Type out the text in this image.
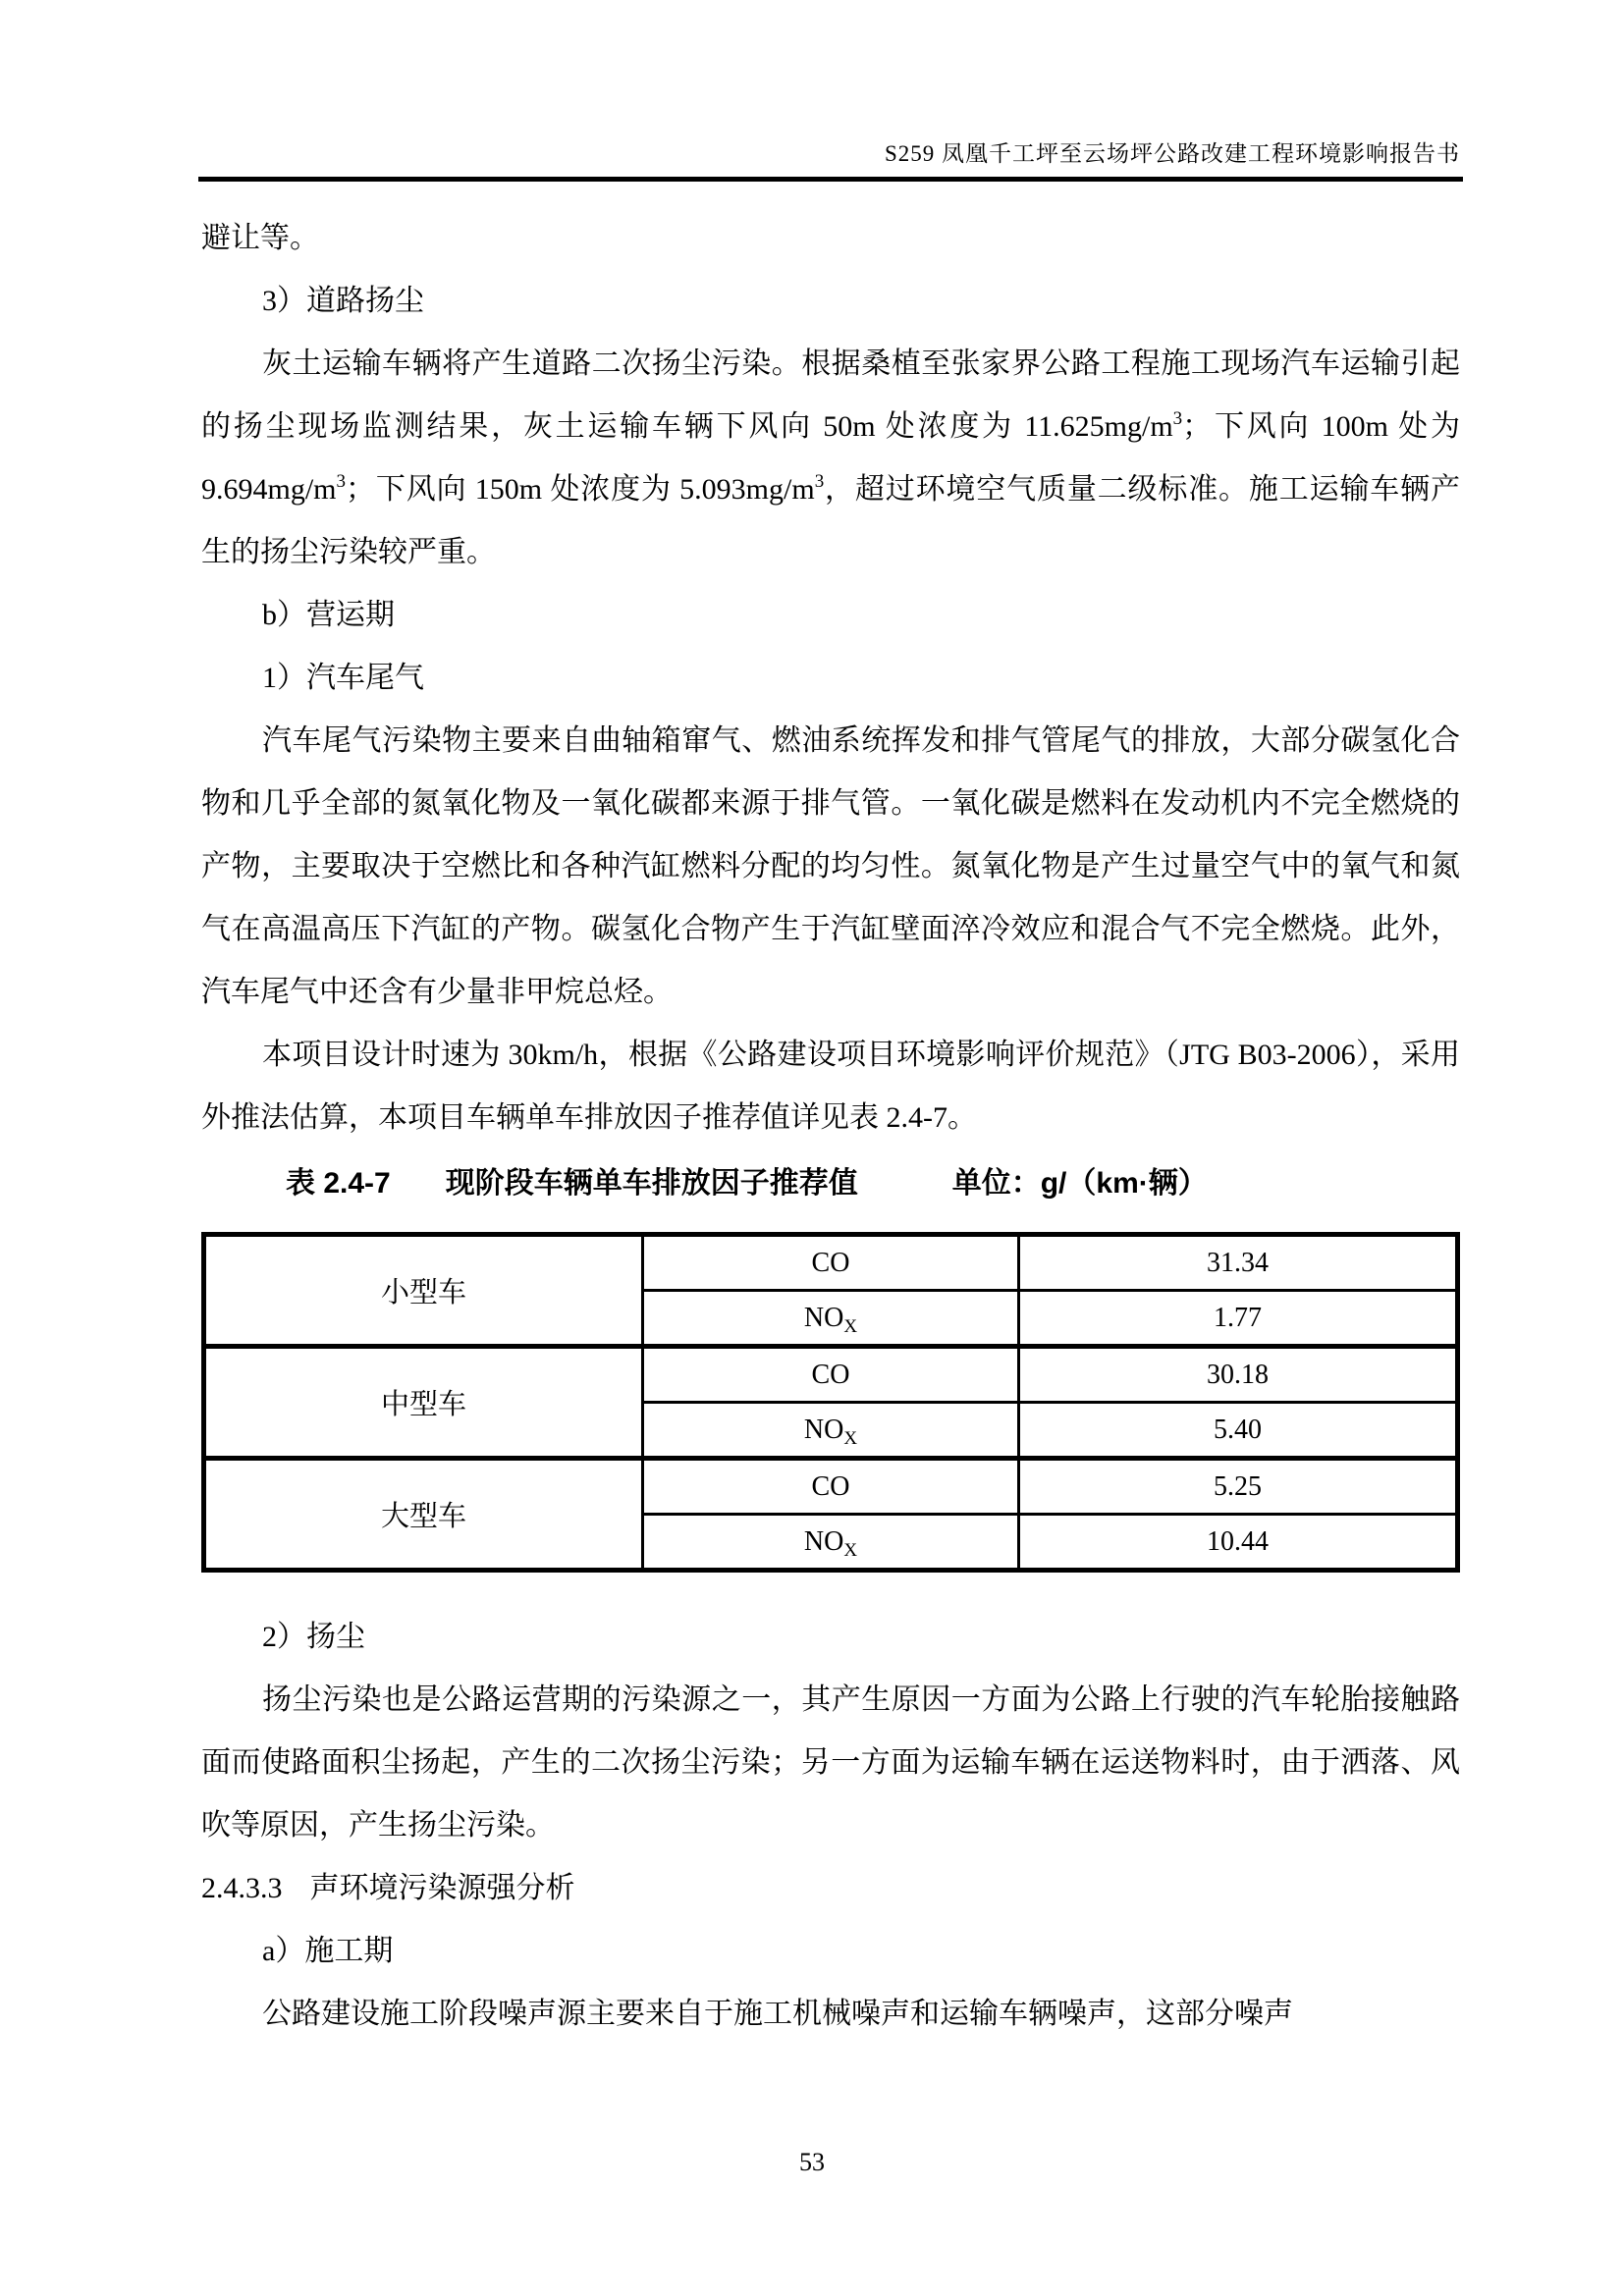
S259 凤凰千工坪至云场坪公路改建工程环境影响报告书

避让等。

3）道路扬尘

灰土运输车辆将产生道路二次扬尘污染。根据桑植至张家界公路工程施工现场汽车运输引起的扬尘现场监测结果，灰土运输车辆下风向 50m 处浓度为 $11.625mg/m^3$；下风向 100m 处为 $9.694mg/m^3$；下风向 150m 处浓度为 $5.093mg/m^3$，超过环境空气质量二级标准。施工运输车辆产生的扬尘污染较严重。

b）营运期

1）汽车尾气

汽车尾气污染物主要来自曲轴箱窜气、燃油系统挥发和排气管尾气的排放，大部分碳氢化合物和几乎全部的氮氧化物及一氧化碳都来源于排气管。一氧化碳是燃料在发动机内不完全燃烧的产物，主要取决于空燃比和各种汽缸燃料分配的均匀性。氮氧化物是产生过量空气中的氧气和氮气在高温高压下汽缸的产物。碳氢化合物产生于汽缸壁面淬冷效应和混合气不完全燃烧。此外，汽车尾气中还含有少量非甲烷总烃。

本项目设计时速为 30km/h，根据《公路建设项目环境影响评价规范》（JTG B03-2006），采用外推法估算，本项目车辆单车排放因子推荐值详见表 2.4-7。

表 2.4-7 现阶段车辆单车排放因子推荐值	单位：g/（km·辆）
小型车	CO	31.34
	$NO_X$	1.77
中型车	CO	30.18
	$NO_X$	5.40
大型车	CO	5.25
	$NO_X$	10.44

2）扬尘

扬尘污染也是公路运营期的污染源之一，其产生原因一方面为公路上行驶的汽车轮胎接触路面而使路面积尘扬起，产生的二次扬尘污染；另一方面为运输车辆在运送物料时，由于洒落、风吹等原因，产生扬尘污染。

2.4.3.3 声环境污染源强分析

a）施工期

公路建设施工阶段噪声源主要来自于施工机械噪声和运输车辆噪声，这部分噪声

53
